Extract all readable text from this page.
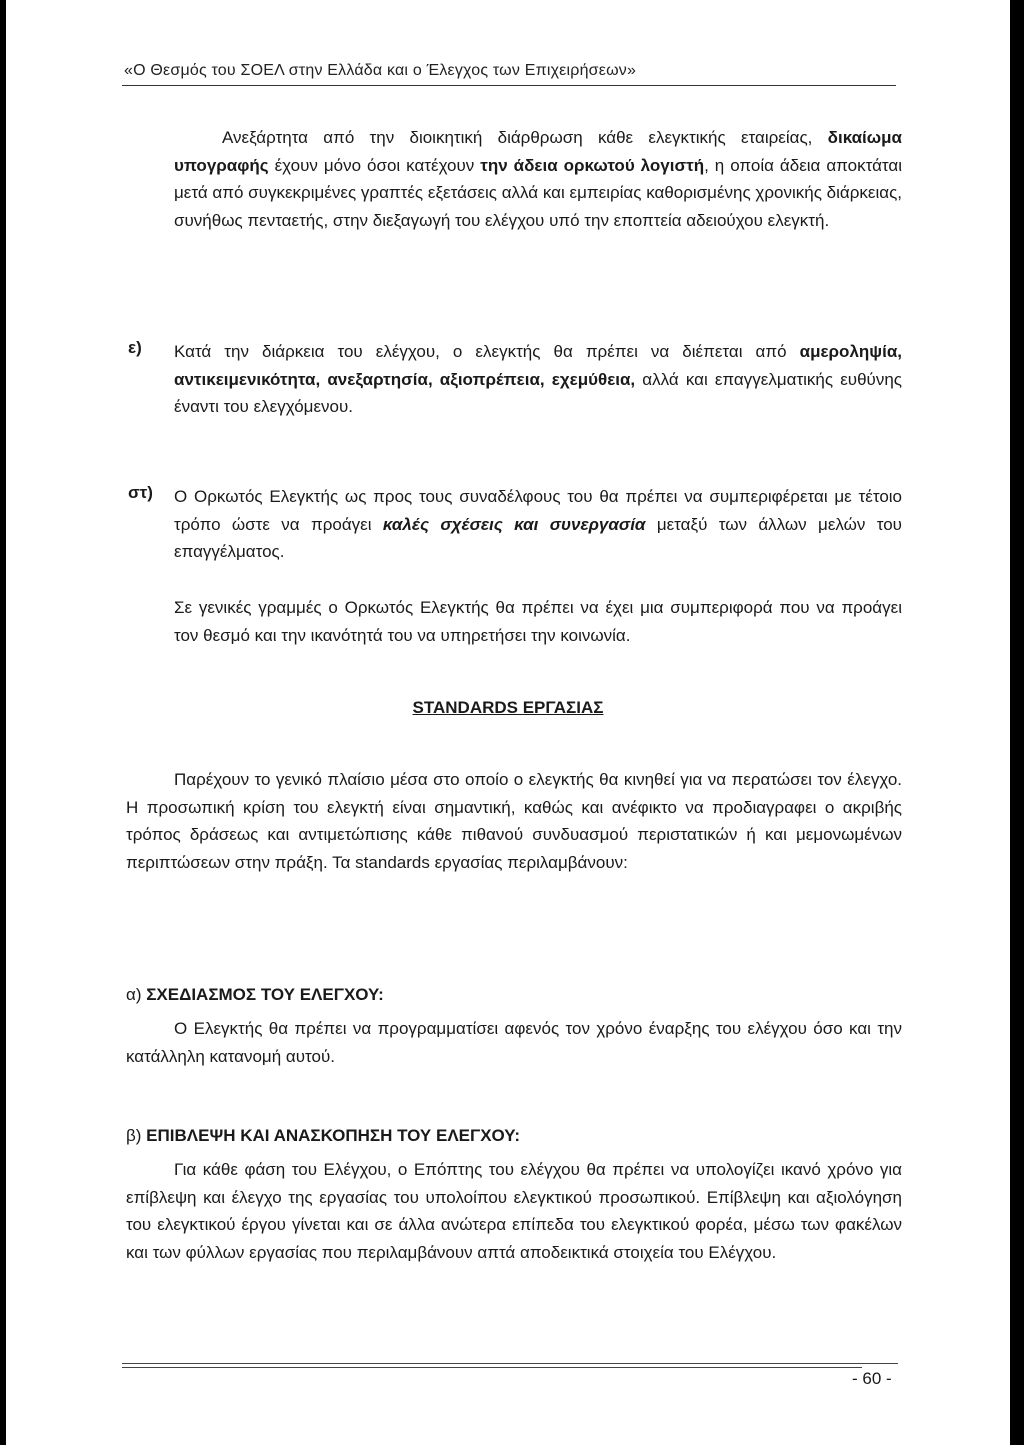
«Ο Θεσμός του ΣΟΕΛ στην Ελλάδα και ο Έλεγχος των Επιχειρήσεων»

Ανεξάρτητα από την διοικητική διάρθρωση κάθε ελεγκτικής εταιρείας, δικαίωμα υπογραφής έχουν μόνο όσοι κατέχουν την άδεια ορκωτού λογιστή, η οποία άδεια αποκτάται μετά από συγκεκριμένες γραπτές εξετάσεις αλλά και εμπειρίας καθορισμένης χρονικής διάρκειας, συνήθως πενταετής, στην διεξαγωγή του ελέγχου υπό την εποπτεία αδειούχου ελεγκτή.

ε) Κατά την διάρκεια του ελέγχου, ο ελεγκτής θα πρέπει να διέπεται από αμεροληψία, αντικειμενικότητα, ανεξαρτησία, αξιοπρέπεια, εχεμύθεια, αλλά και επαγγελματικής ευθύνης έναντι του ελεγχόμενου.

στ) Ο Ορκωτός Ελεγκτής ως προς τους συναδέλφους του θα πρέπει να συμπεριφέρεται με τέτοιο τρόπο ώστε να προάγει καλές σχέσεις και συνεργασία μεταξύ των άλλων μελών του επαγγέλματος.

Σε γενικές γραμμές ο Ορκωτός Ελεγκτής θα πρέπει να έχει μια συμπεριφορά που να προάγει τον θεσμό και την ικανότητά του να υπηρετήσει την κοινωνία.

STANDARDS ΕΡΓΑΣΙΑΣ

Παρέχουν το γενικό πλαίσιο μέσα στο οποίο ο ελεγκτής θα κινηθεί για να περατώσει τον έλεγχο. Η προσωπική κρίση του ελεγκτή είναι σημαντική, καθώς και ανέφικτο να προδιαγραφει ο ακριβής τρόπος δράσεως και αντιμετώπισης κάθε πιθανού συνδυασμού περιστατικών ή και μεμονωμένων περιπτώσεων στην πράξη. Τα standards εργασίας περιλαμβάνουν:

α) ΣΧΕΔΙΑΣΜΟΣ ΤΟΥ ΕΛΕΓΧΟΥ:

Ο Ελεγκτής θα πρέπει να προγραμματίσει αφενός τον χρόνο έναρξης του ελέγχου όσο και την κατάλληλη κατανομή αυτού.

β) ΕΠΙΒΛΕΨΗ ΚΑΙ ΑΝΑΣΚΟΠΗΣΗ ΤΟΥ ΕΛΕΓΧΟΥ:

Για κάθε φάση του Ελέγχου, ο Επόπτης του ελέγχου θα πρέπει να υπολογίζει ικανό χρόνο για επίβλεψη και έλεγχο της εργασίας του υπολοίπου ελεγκτικού προσωπικού. Επίβλεψη και αξιολόγηση του ελεγκτικού έργου γίνεται και σε άλλα ανώτερα επίπεδα του ελεγκτικού φορέα, μέσω των φακέλων και των φύλλων εργασίας που περιλαμβάνουν απτά αποδεικτικά στοιχεία του Ελέγχου.

- 60 -
